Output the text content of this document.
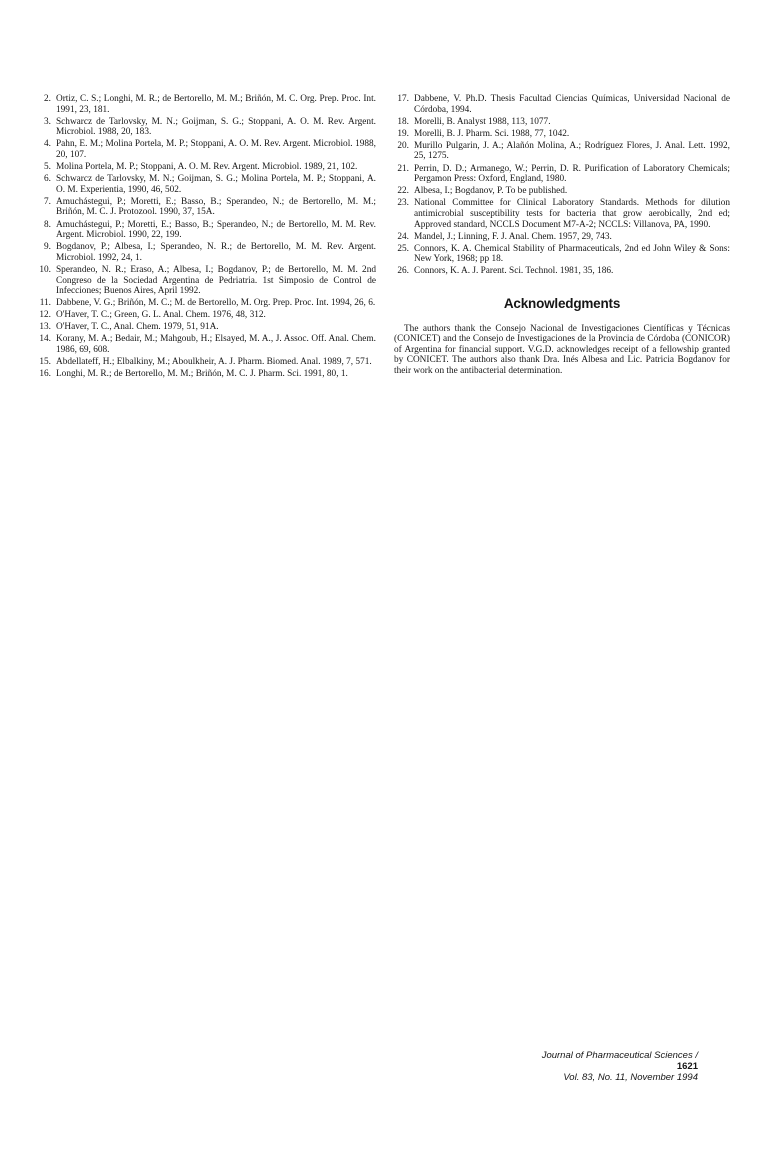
2. Ortiz, C. S.; Longhi, M. R.; de Bertorello, M. M.; Briñón, M. C. Org. Prep. Proc. Int. 1991, 23, 181.
3. Schwarcz de Tarlovsky, M. N.; Goijman, S. G.; Stoppani, A. O. M. Rev. Argent. Microbiol. 1988, 20, 183.
4. Pahn, E. M.; Molina Portela, M. P.; Stoppani, A. O. M. Rev. Argent. Microbiol. 1988, 20, 107.
5. Molina Portela, M. P.; Stoppani, A. O. M. Rev. Argent. Microbiol. 1989, 21, 102.
6. Schwarcz de Tarlovsky, M. N.; Goijman, S. G.; Molina Portela, M. P.; Stoppani, A. O. M. Experientia, 1990, 46, 502.
7. Amuchástegui, P.; Moretti, E.; Basso, B.; Sperandeo, N.; de Bertorello, M. M.; Briñón, M. C. J. Protozool. 1990, 37, 15A.
8. Amuchástegui, P.; Moretti, E.; Basso, B.; Sperandeo, N.; de Bertorello, M. M. Rev. Argent. Microbiol. 1990, 22, 199.
9. Bogdanov, P.; Albesa, I.; Sperandeo, N. R.; de Bertorello, M. M. Rev. Argent. Microbiol. 1992, 24, 1.
10. Sperandeo, N. R.; Eraso, A.; Albesa, I.; Bogdanov, P.; de Bertorello, M. M. 2nd Congreso de la Sociedad Argentina de Pedriatria. 1st Simposio de Control de Infecciones; Buenos Aires, April 1992.
11. Dabbene, V. G.; Briñón, M. C.; M. de Bertorello, M. Org. Prep. Proc. Int. 1994, 26, 6.
12. O'Haver, T. C.; Green, G. L. Anal. Chem. 1976, 48, 312.
13. O'Haver, T. C., Anal. Chem. 1979, 51, 91A.
14. Korany, M. A.; Bedair, M.; Mahgoub, H.; Elsayed, M. A., J. Assoc. Off. Anal. Chem. 1986, 69, 608.
15. Abdellateff, H.; Elbalkiny, M.; Aboulkheir, A. J. Pharm. Biomed. Anal. 1989, 7, 571.
16. Longhi, M. R.; de Bertorello, M. M.; Briñón, M. C. J. Pharm. Sci. 1991, 80, 1.
17. Dabbene, V. Ph.D. Thesis Facultad Ciencias Químicas, Universidad Nacional de Córdoba, 1994.
18. Morelli, B. Analyst 1988, 113, 1077.
19. Morelli, B. J. Pharm. Sci. 1988, 77, 1042.
20. Murillo Pulgarin, J. A.; Alañón Molina, A.; Rodríguez Flores, J. Anal. Lett. 1992, 25, 1275.
21. Perrin, D. D.; Armanego, W.; Perrin, D. R. Purification of Laboratory Chemicals; Pergamon Press: Oxford, England, 1980.
22. Albesa, I.; Bogdanov, P. To be published.
23. National Committee for Clinical Laboratory Standards. Methods for dilution antimicrobial susceptibility tests for bacteria that grow aerobically, 2nd ed; Approved standard, NCCLS Document M7-A-2; NCCLS: Villanova, PA, 1990.
24. Mandel, J.; Linning, F. J. Anal. Chem. 1957, 29, 743.
25. Connors, K. A. Chemical Stability of Pharmaceuticals, 2nd ed John Wiley & Sons: New York, 1968; pp 18.
26. Connors, K. A. J. Parent. Sci. Technol. 1981, 35, 186.
Acknowledgments

The authors thank the Consejo Nacional de Investigaciones Científicas y Técnicas (CONICET) and the Consejo de Investigaciones de la Provincia de Córdoba (CONICOR) of Argentina for financial support. V.G.D. acknowledges receipt of a fellowship granted by CONICET. The authors also thank Dra. Inés Albesa and Lic. Patricia Bogdanov for their work on the antibacterial determination.

Journal of Pharmaceutical Sciences / 1621
Vol. 83, No. 11, November 1994
